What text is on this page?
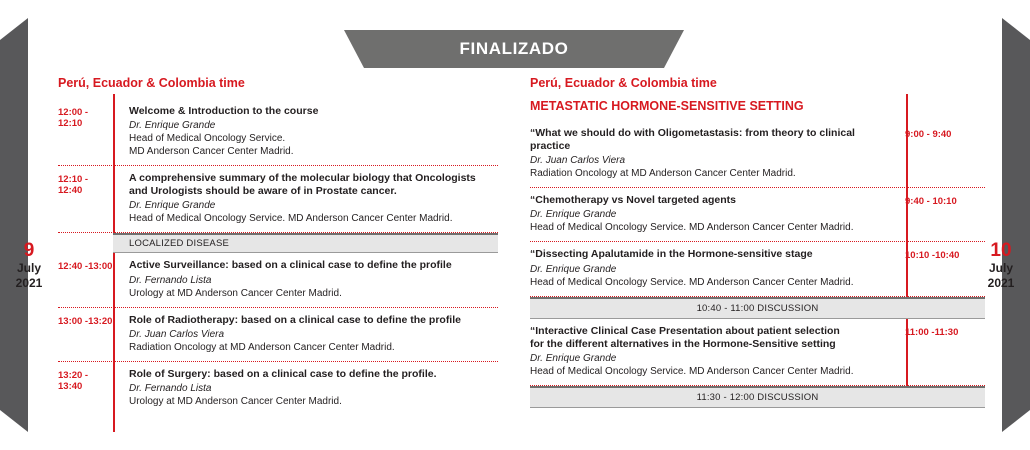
FINALIZADO
9
July
2021
10
July
2021
Perú, Ecuador & Colombia time
12:00 - 12:10
Welcome & Introduction to the course
Dr. Enrique Grande
Head of Medical Oncology Service.
MD Anderson Cancer Center Madrid.
12:10 - 12:40
A comprehensive summary of the molecular biology that Oncologists
and Urologists should be aware of in Prostate cancer.
Dr. Enrique Grande
Head of Medical Oncology Service. MD Anderson Cancer Center Madrid.
LOCALIZED DISEASE
12:40 -13:00 Active Surveillance: based on a clinical case to define the profile
Dr. Fernando Lista
Urology at MD Anderson Cancer Center Madrid.
13:00 -13:20 Role of Radiotherapy: based on a clinical case to define the profile
Dr. Juan Carlos Viera
Radiation Oncology at MD Anderson Cancer Center Madrid.
13:20 - 13:40
Role of Surgery: based on a clinical case to define the profile.
Dr. Fernando Lista
Urology at MD Anderson Cancer Center Madrid.
Perú, Ecuador & Colombia time
METASTATIC HORMONE-SENSITIVE SETTING
“What we should do with Oligometastasis: from theory to clinical practice
Dr. Juan Carlos Viera
Radiation Oncology at MD Anderson Cancer Center Madrid.
9:00 - 9:40
“Chemotherapy vs Novel targeted agents
Dr. Enrique Grande
Head of Medical Oncology Service. MD Anderson Cancer Center Madrid.
9:40 - 10:10
“Dissecting Apalutamide in the Hormone-sensitive stage
Dr. Enrique Grande
Head of Medical Oncology Service. MD Anderson Cancer Center Madrid.
10:10 -10:40
10:40 - 11:00 DISCUSSION
“Interactive Clinical Case Presentation about patient selection
for the different alternatives in the Hormone-Sensitive setting
Dr. Enrique Grande
Head of Medical Oncology Service. MD Anderson Cancer Center Madrid.
11:00 -11:30
11:30 - 12:00 DISCUSSION
